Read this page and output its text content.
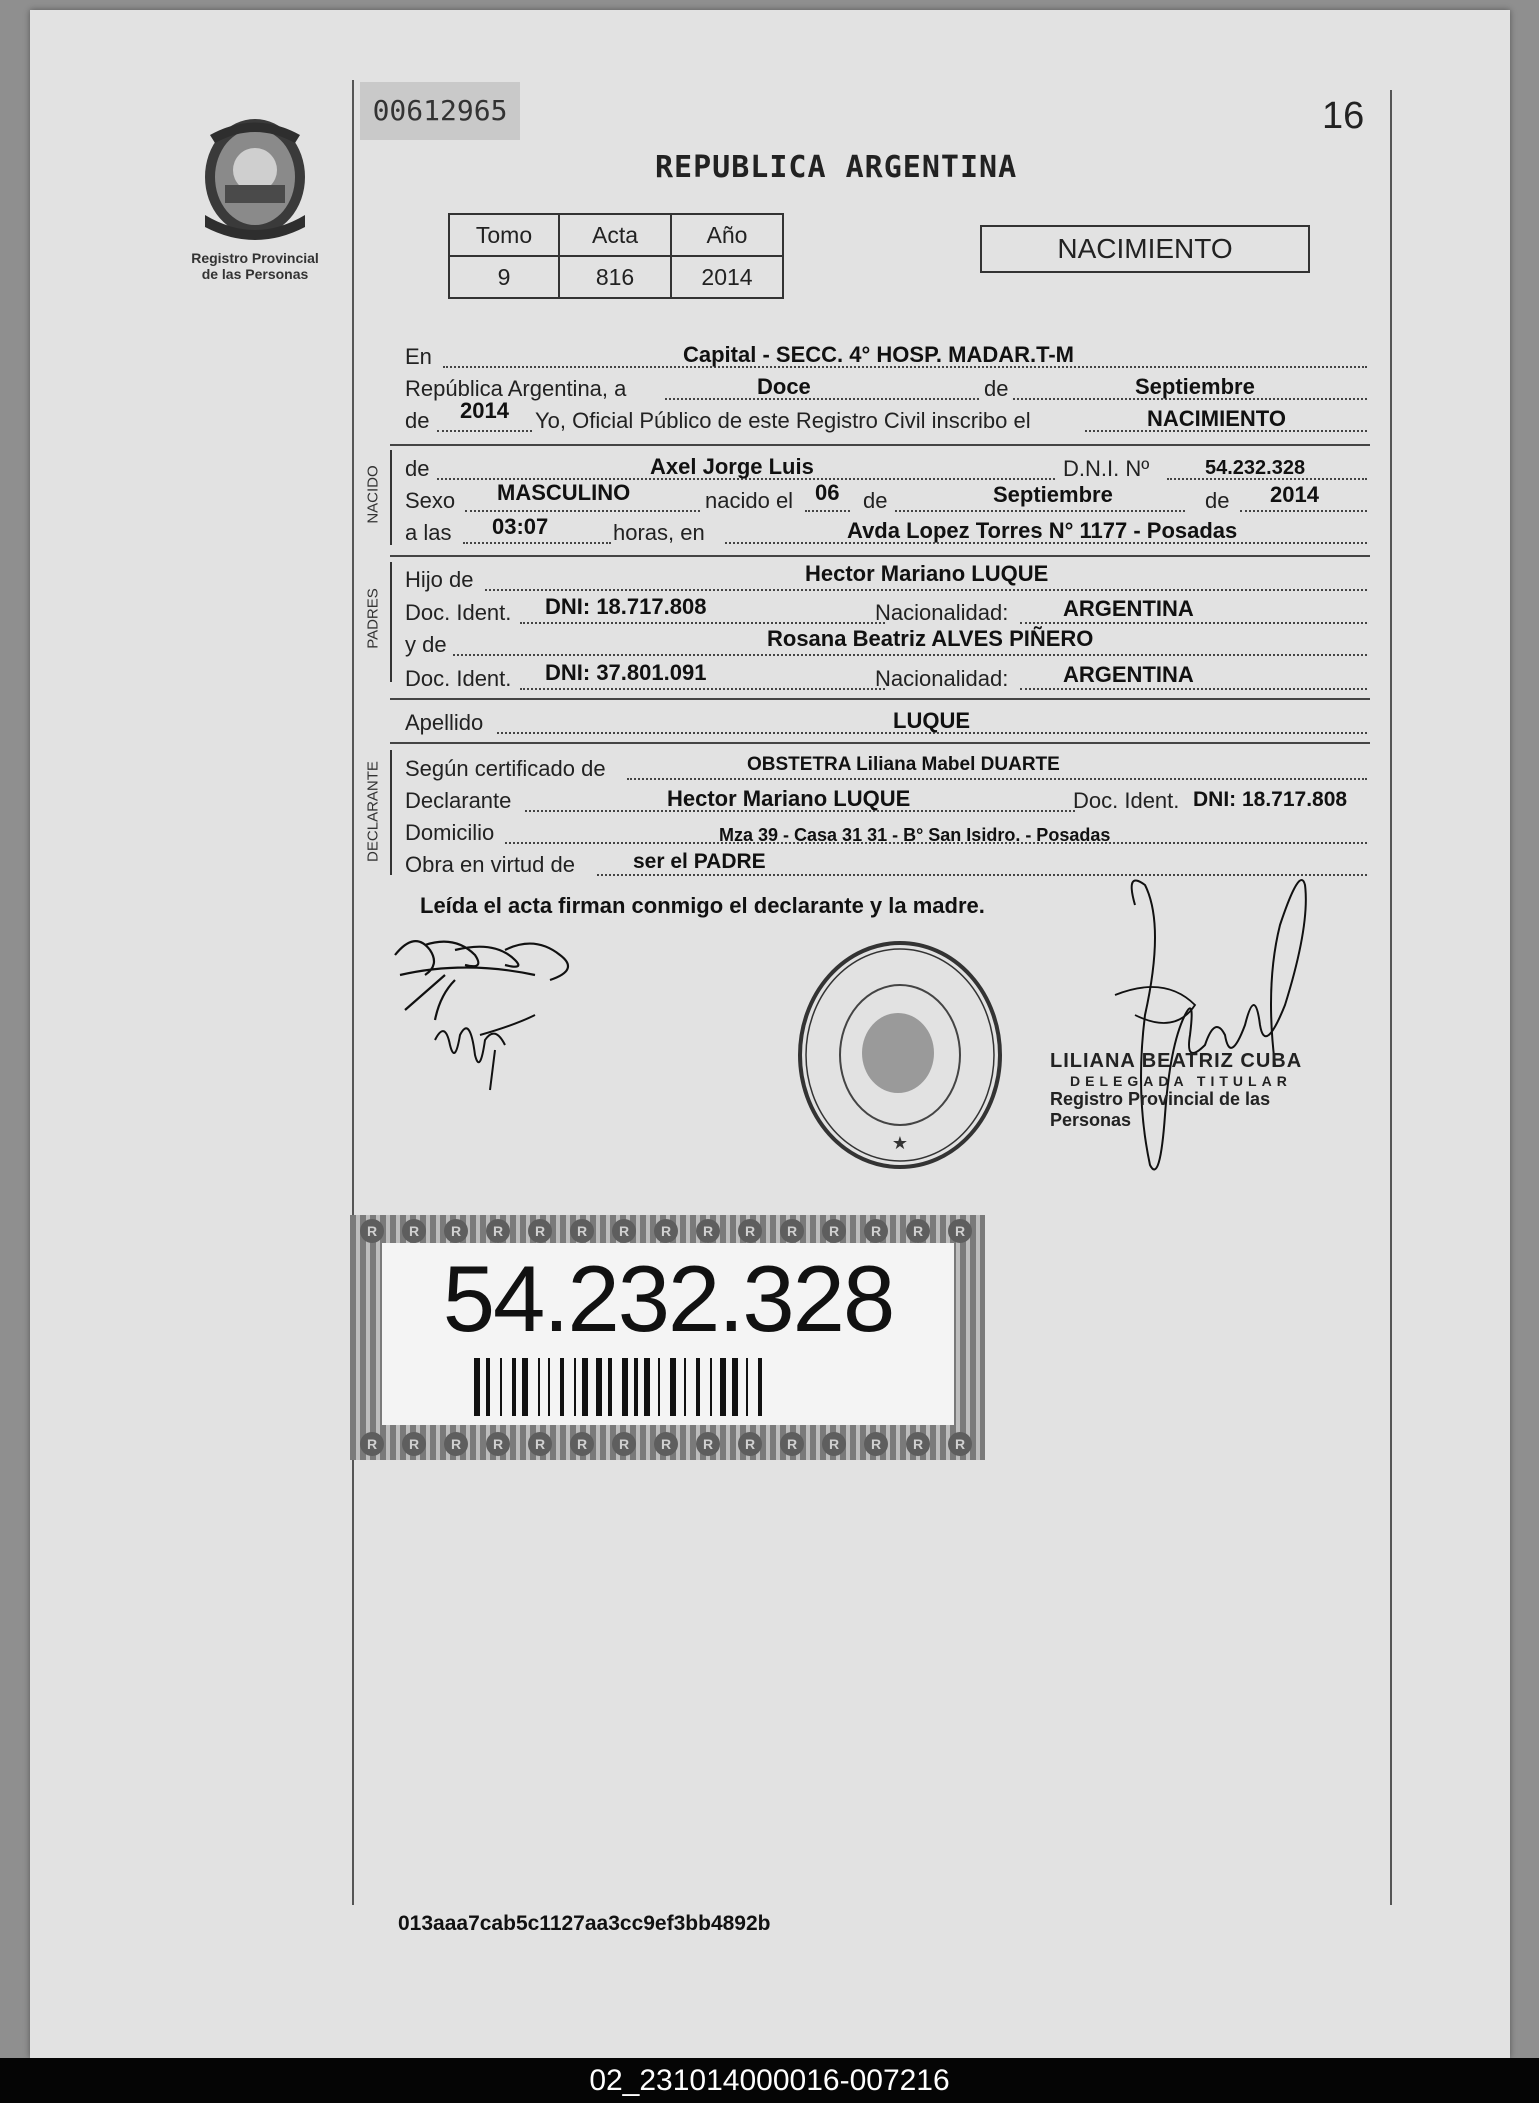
Registro Provincial
de las Personas
00612965	16
REPUBLICA ARGENTINA
Tomo	Acta	Año
9	816	2014
NACIMIENTO
En	Capital - SECC. 4° HOSP. MADAR.T-M
República Argentina, a	Doce	de	Septiembre
de 2014 Yo, Oficial Público de este Registro Civil inscribo el	NACIMIENTO
NACIDO de	Axel Jorge Luis	D.N.I. Nº	54.232.328
Sexo MASCULINO	nacido el 06 de	Septiembre	de 2014
a las 03:07	horas, en	Avda Lopez Torres N° 1177 - Posadas
PADRES
Hijo de	Hector Mariano LUQUE
Doc. Ident. DNI: 18.717.808	Nacionalidad: ARGENTINA
y de	Rosana Beatriz ALVES PIÑERO
Doc. Ident. DNI: 37.801.091	Nacionalidad: ARGENTINA
Apellido	LUQUE
DECLARANTE Según certificado de	OBSTETRA Liliana Mabel DUARTE
Declarante	Hector Mariano LUQUE	Doc. Ident. DNI: 18.717.808
Domicilio	Mza 39 - Casa 31 31 - B° San Isidro. - Posadas
Obra en virtud de	ser el PADRE
Leída el acta firman conmigo el declarante y la madre.
★
LILIANA BEATRIZ CUBA
DELEGADA TITULAR
Registro Provincial de las Personas
R	R	R	R	R	R	R	R	R	R	R	R	R	R	R
R	R	R	R	R	R	R	R	R	R	R	R	R	R	R
54.232.328
013aaa7cab5c1127aa3cc9ef3bb4892b
02_231014000016-007216
